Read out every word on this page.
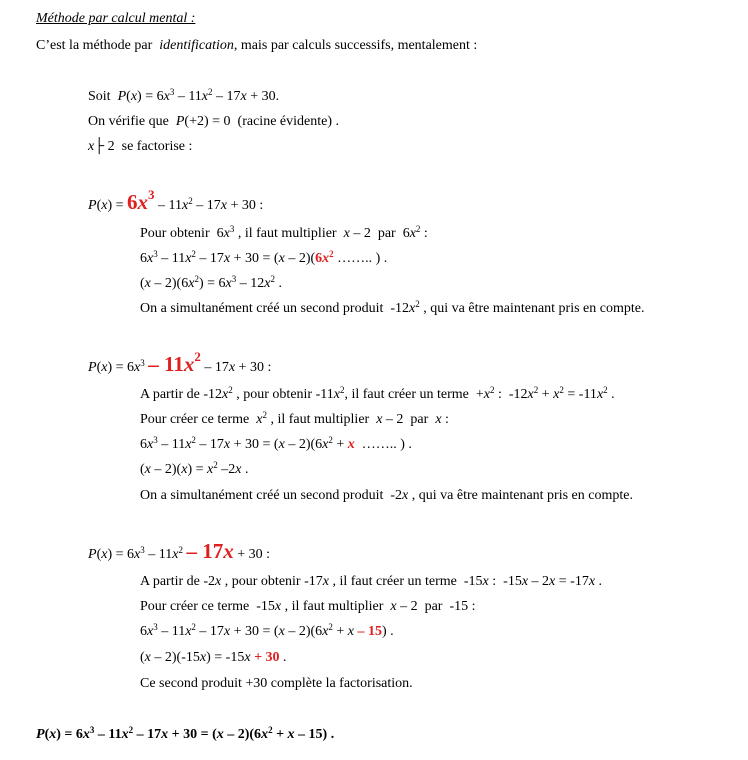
Méthode par calcul mental :
C’est la méthode par identification, mais par calculs successifs, mentalement :
Soit $P(x) = 6x^3 - 11x^2 - 17x + 30$.
On vérifie que P(+2) = 0  (racine évidente) .
x├ 2  se factorise :
$P(x) = 6x^3 - 11x^2 - 17x + 30$ :
Pour obtenir  $6x^3$ , il faut multiplier x – 2  par  $6x^2$ :
$6x^3 - 11x^2 - 17x + 30 = (x - 2)(6x^2$ …….. ) .
$(x - 2)(6x^2) = 6x^3 - 12x^2$ .
On a simultanément créé un second produit  $-12x^2$ , qui va être maintenant pris en compte.
$P(x) = 6x^3 - 11x^2 - 17x + 30$ :
A partir de $-12x^2$ , pour obtenir $-11x^2$, il faut créer un terme  $+x^2$ :  $-12x^2 + x^2 = -11x^2$ .
Pour créer ce terme $x^2$ , il faut multiplier x – 2  par x :
$6x^3 - 11x^2 - 17x + 30 = (x - 2)(6x^2 + x$ …….. ) .
$(x - 2)(x) = x^2$ –2x .
On a simultanément créé un second produit  -2x , qui va être maintenant pris en compte.
$P(x) = 6x^3 - 11x^2 - 17x + 30$ :
A partir de -2x , pour obtenir -17x , il faut créer un terme  -15x :  -15x – 2x = -17x .
Pour créer ce terme  -15x , il faut multiplier x – 2  par  -15 :
$6x^3 - 11x^2 - 17x + 30 = (x - 2)(6x^2 + x - 15)$ .
(x – 2)(-15x) = -15x + 30 .
Ce second produit +30 complète la factorisation.
$P(x) = 6x^3 - 11x^2 - 17x + 30 = (x - 2)(6x^2 + x - 15)$ .
